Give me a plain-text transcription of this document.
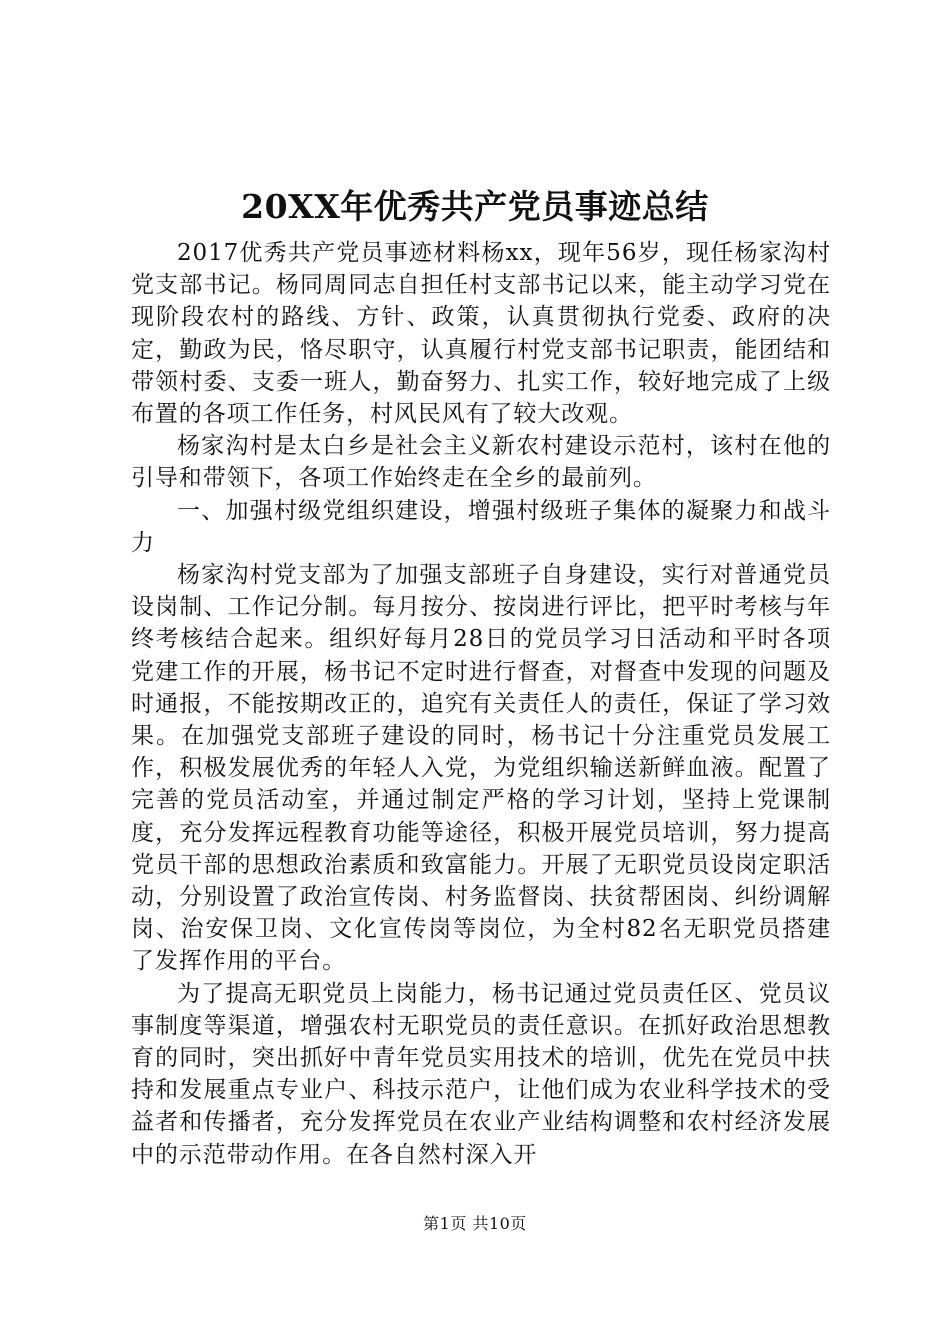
20XX年优秀共产党员事迹总结

2017优秀共产党员事迹材料杨xx，现年56岁，现任杨家沟村党支部书记。杨同周同志自担任村支部书记以来，能主动学习党在现阶段农村的路线、方针、政策，认真贯彻执行党委、政府的决定，勤政为民，恪尽职守，认真履行村党支部书记职责，能团结和带领村委、支委一班人，勤奋努力、扎实工作，较好地完成了上级布置的各项工作任务，村风民风有了较大改观。

杨家沟村是太白乡是社会主义新农村建设示范村，该村在他的引导和带领下，各项工作始终走在全乡的最前列。

一、加强村级党组织建设，增强村级班子集体的凝聚力和战斗力

杨家沟村党支部为了加强支部班子自身建设，实行对普通党员设岗制、工作记分制。每月按分、按岗进行评比，把平时考核与年终考核结合起来。组织好每月28日的党员学习日活动和平时各项党建工作的开展，杨书记不定时进行督查，对督查中发现的问题及时通报，不能按期改正的，追究有关责任人的责任，保证了学习效果。在加强党支部班子建设的同时，杨书记十分注重党员发展工作，积极发展优秀的年轻人入党，为党组织输送新鲜血液。配置了完善的党员活动室，并通过制定严格的学习计划，坚持上党课制度，充分发挥远程教育功能等途径，积极开展党员培训，努力提高党员干部的思想政治素质和致富能力。开展了无职党员设岗定职活动，分别设置了政治宣传岗、村务监督岗、扶贫帮困岗、纠纷调解岗、治安保卫岗、文化宣传岗等岗位，为全村82名无职党员搭建了发挥作用的平台。

为了提高无职党员上岗能力，杨书记通过党员责任区、党员议事制度等渠道，增强农村无职党员的责任意识。在抓好政治思想教育的同时，突出抓好中青年党员实用技术的培训，优先在党员中扶持和发展重点专业户、科技示范户，让他们成为农业科学技术的受益者和传播者，充分发挥党员在农业产业结构调整和农村经济发展中的示范带动作用。在各自然村深入开

第1页 共10页
